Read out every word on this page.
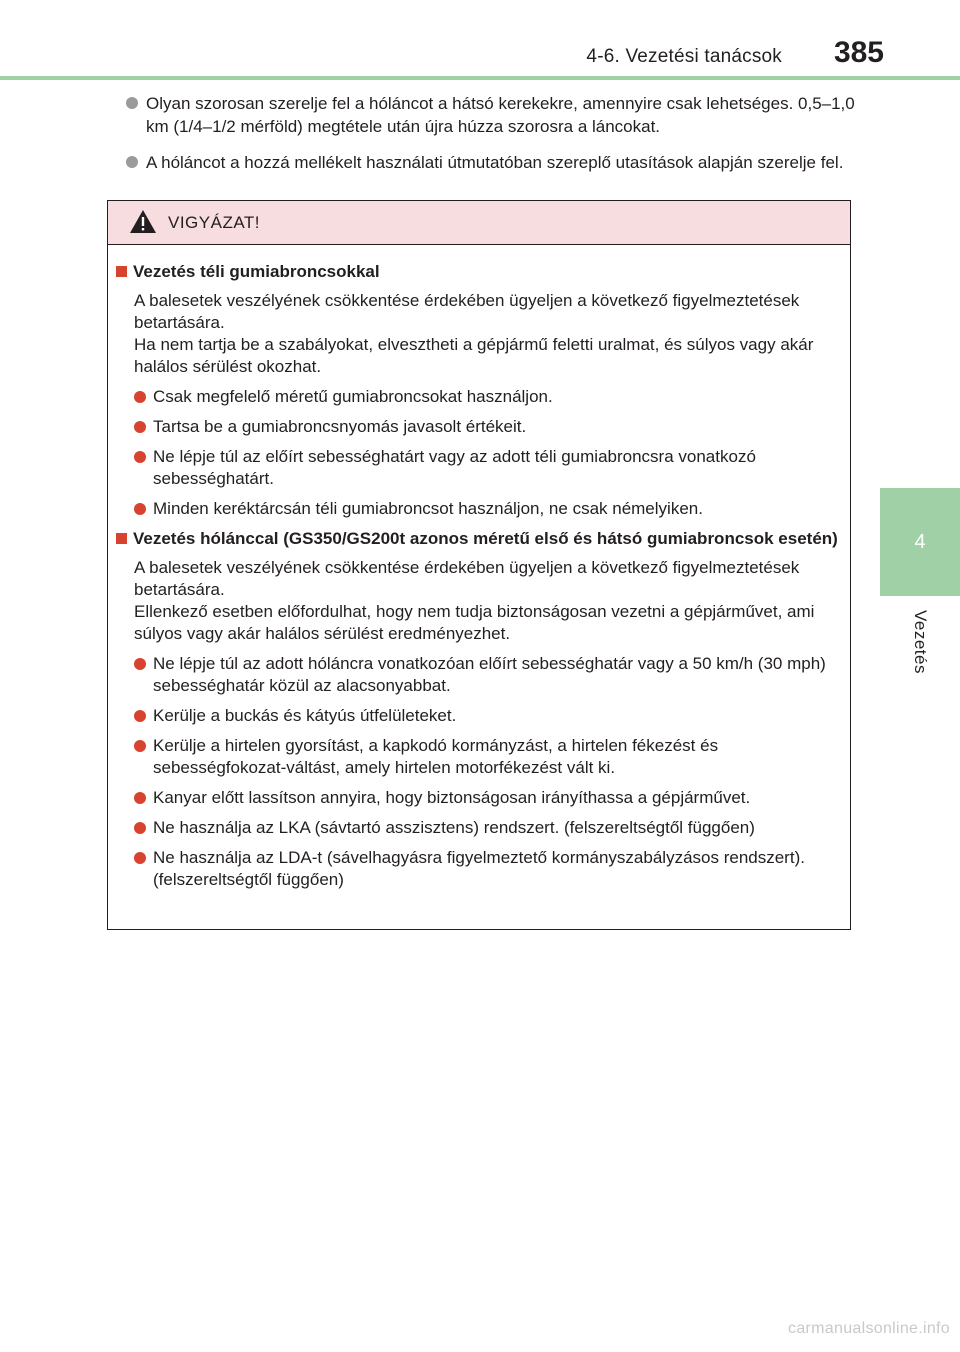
4-6. Vezetési tanácsok	385
4
Vezetés
Olyan szorosan szerelje fel a hóláncot a hátsó kerekekre, amennyire csak lehetséges. 0,5–1,0 km (1/4–1/2 mérföld) megtétele után újra húzza szorosra a láncokat.
A hóláncot a hozzá mellékelt használati útmutatóban szereplő utasítások alapján szerelje fel.
VIGYÁZAT!
Vezetés téli gumiabroncsokkal
A balesetek veszélyének csökkentése érdekében ügyeljen a következő figyelmeztetések betartására.
Ha nem tartja be a szabályokat, elvesztheti a gépjármű feletti uralmat, és súlyos vagy akár halálos sérülést okozhat.
Csak megfelelő méretű gumiabroncsokat használjon.
Tartsa be a gumiabroncsnyomás javasolt értékeit.
Ne lépje túl az előírt sebességhatárt vagy az adott téli gumiabroncsra vonatkozó sebességhatárt.
Minden keréktárcsán téli gumiabroncsot használjon, ne csak némelyiken.
Vezetés hólánccal (GS350/GS200t azonos méretű első és hátsó gumiabroncsok esetén)
A balesetek veszélyének csökkentése érdekében ügyeljen a következő figyelmeztetések betartására.
Ellenkező esetben előfordulhat, hogy nem tudja biztonságosan vezetni a gépjárművet, ami súlyos vagy akár halálos sérülést eredményezhet.
Ne lépje túl az adott hóláncra vonatkozóan előírt sebességhatár vagy a 50 km/h (30 mph) sebességhatár közül az alacsonyabbat.
Kerülje a buckás és kátyús útfelületeket.
Kerülje a hirtelen gyorsítást, a kapkodó kormányzást, a hirtelen fékezést és sebességfokozat-váltást, amely hirtelen motorfékezést vált ki.
Kanyar előtt lassítson annyira, hogy biztonságosan irányíthassa a gépjárművet.
Ne használja az LKA (sávtartó asszisztens) rendszert. (felszereltségtől függően)
Ne használja az LDA-t (sávelhagyásra figyelmeztető kormányszabályzásos rendszert). (felszereltségtől függően)
carmanualsonline.info
